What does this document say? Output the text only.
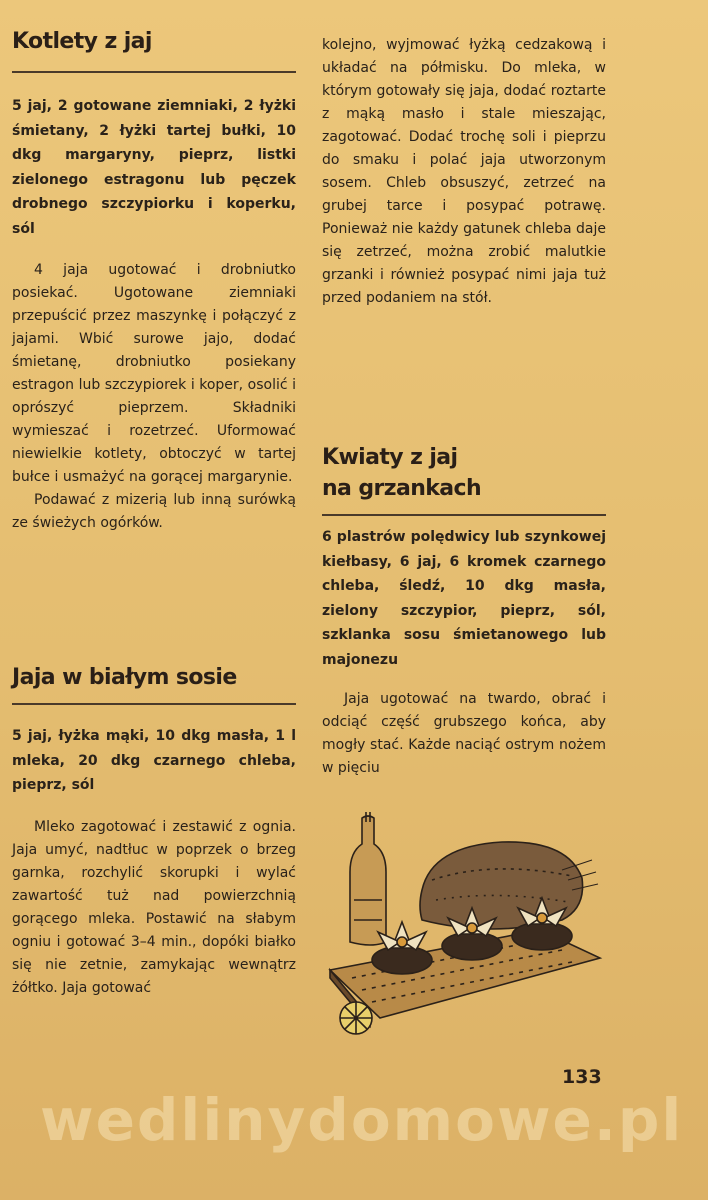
Kotlety z jaj

5 jaj, 2 gotowane ziemniaki, 2 łyżki śmietany, 2 łyżki tartej bułki, 10 dkg margaryny, pieprz, listki zielonego estragonu lub pęczek drobnego szczypiorku i koperku, sól

4 jaja ugotować i drobniutko posiekać. Ugotowane ziemniaki przepuścić przez maszynkę i połączyć z jajami. Wbić surowe jajo, dodać śmietanę, drobniutko posiekany estragon lub szczypiorek i koper, osolić i oprószyć pieprzem. Składniki wymieszać i rozetrzeć. Uformować niewielkie kotlety, obtoczyć w tartej bułce i usmażyć na gorącej margarynie.

Podawać z mizerią lub inną surówką ze świeżych ogórków.

Jaja w białym sosie

5 jaj, łyżka mąki, 10 dkg masła, 1 l mleka, 20 dkg czarnego chleba, pieprz, sól

Mleko zagotować i zestawić z ognia. Jaja umyć, nadtłuc w poprzek o brzeg garnka, rozchylić skorupki i wylać zawartość tuż nad powierzchnią gorącego mleka. Postawić na słabym ogniu i gotować 3–4 min., dopóki białko się nie zetnie, zamykając wewnątrz żółtko. Jaja gotować

kolejno, wyjmować łyżką cedzakową i układać na półmisku. Do mleka, w którym gotowały się jaja, dodać roztarte z mąką masło i stale mieszając, zagotować. Dodać trochę soli i pieprzu do smaku i polać jaja utworzonym sosem. Chleb obsuszyć, zetrzeć na grubej tarce i posypać potrawę. Ponieważ nie każdy gatunek chleba daje się zetrzeć, można zrobić malutkie grzanki i również posypać nimi jaja tuż przed podaniem na stół.

Kwiaty z jaj
na grzankach

6 plastrów polędwicy lub szynkowej kiełbasy, 6 jaj, 6 kromek czarnego chleba, śledź, 10 dkg masła, zielony szczypior, pieprz, sól, szklanka sosu śmietanowego lub majonezu

Jaja ugotować na twardo, obrać i odciąć część grubszego końca, aby mogły stać. Każde naciąć ostrym nożem w pięciu

133
wedlinydomowe.pl
